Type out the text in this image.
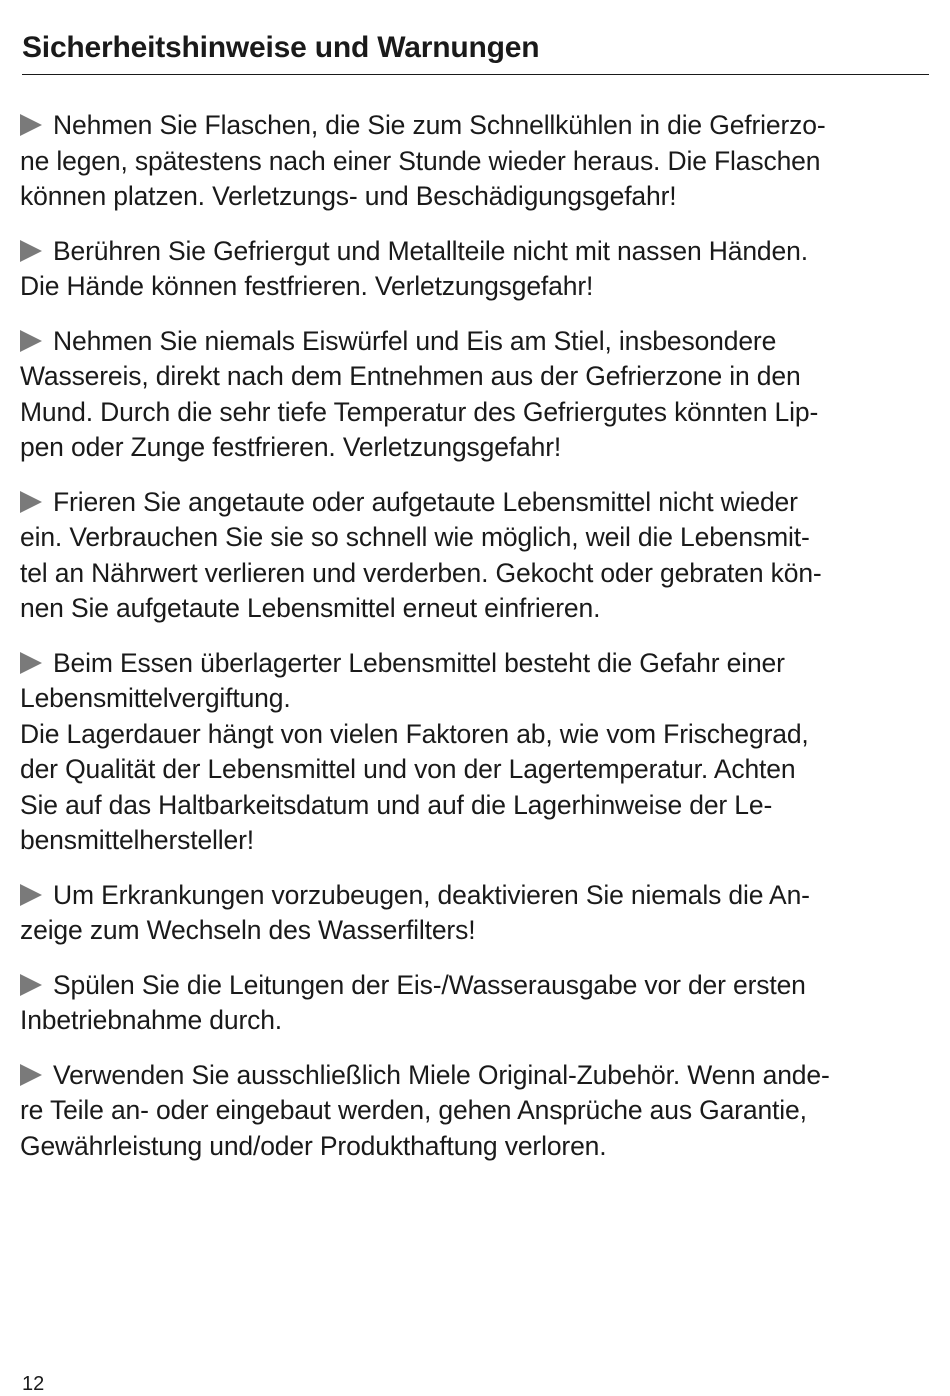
Sicherheitshinweise und Warnungen

Nehmen Sie Flaschen, die Sie zum Schnellkühlen in die Gefrierzo-
ne legen, spätestens nach einer Stunde wieder heraus. Die Flaschen
können platzen. Verletzungs- und Beschädigungsgefahr!

Berühren Sie Gefriergut und Metallteile nicht mit nassen Händen.
Die Hände können festfrieren. Verletzungsgefahr!

Nehmen Sie niemals Eiswürfel und Eis am Stiel, insbesondere
Wassereis, direkt nach dem Entnehmen aus der Gefrierzone in den
Mund. Durch die sehr tiefe Temperatur des Gefriergutes könnten Lip-
pen oder Zunge festfrieren. Verletzungsgefahr!

Frieren Sie angetaute oder aufgetaute Lebensmittel nicht wieder
ein. Verbrauchen Sie sie so schnell wie möglich, weil die Lebensmit-
tel an Nährwert verlieren und verderben. Gekocht oder gebraten kön-
nen Sie aufgetaute Lebensmittel erneut einfrieren.

Beim Essen überlagerter Lebensmittel besteht die Gefahr einer
Lebensmittelvergiftung.
Die Lagerdauer hängt von vielen Faktoren ab, wie vom Frischegrad,
der Qualität der Lebensmittel und von der Lagertemperatur. Achten
Sie auf das Haltbarkeitsdatum und auf die Lagerhinweise der Le-
bensmittelhersteller!

Um Erkrankungen vorzubeugen, deaktivieren Sie niemals die An-
zeige zum Wechseln des Wasserfilters!

Spülen Sie die Leitungen der Eis-/Wasserausgabe vor der ersten
Inbetriebnahme durch.

Verwenden Sie ausschließlich Miele Original-Zubehör. Wenn ande-
re Teile an- oder eingebaut werden, gehen Ansprüche aus Garantie,
Gewährleistung und/oder Produkthaftung verloren.

12
